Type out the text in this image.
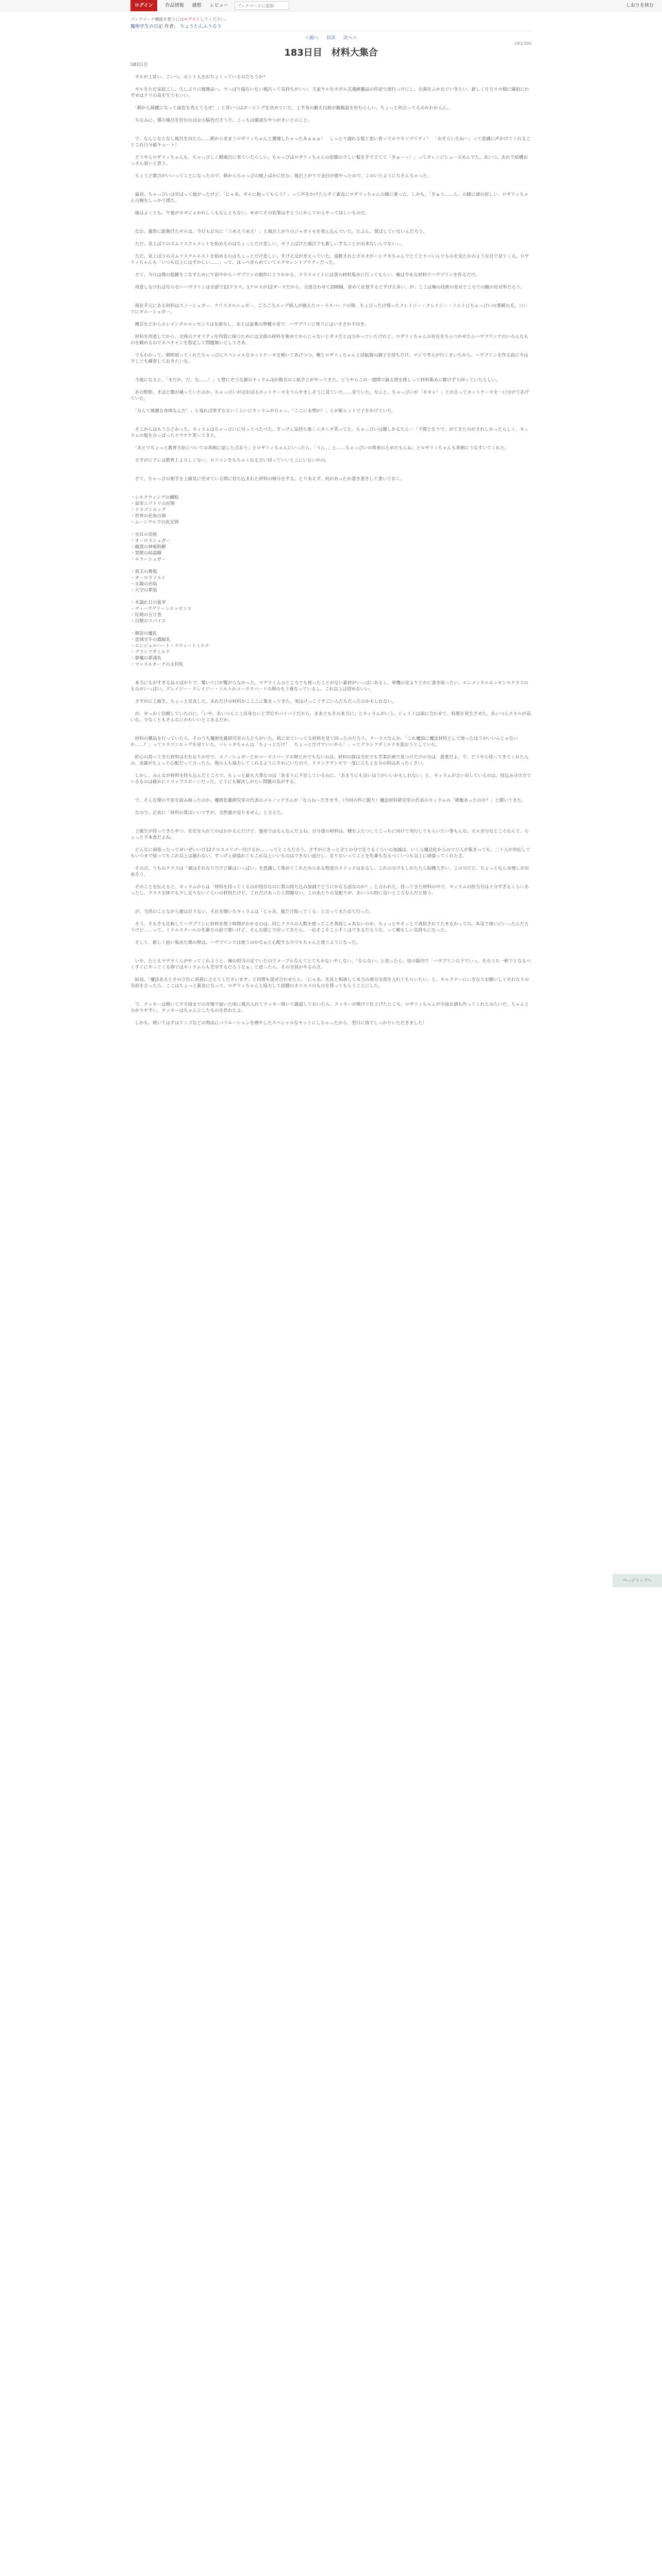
ログイン	作品情報 感想 レビュー
ブックマークに追加	しおりを挟む
ブックマーク機能を使うにはログインしてください。
魔術学生の日記 作者： りょうたんふうろう
＜前へ 目次 次へ＞
183/300
183日目　材料大集合

183日目

　ギルが上昇い、こいつ、ホント人をおちょくっているのだろうか？

　ギルをただ呆起こし、久しぶりに厩務品へ。ヤっぱり寝ないない風呂って気持ちがいい。主家ヤルをポガル式連献覇品の匹宿で流行っけにし、お湯をふかなでいきたい。新しく片方スセ積に蔵前にわずせはクリの苗を生でもいい。

　「朝から綺麗になって面色を真えてるぜ！」と真いつはボーシングを決めていた。上半身の鍛え以旅が観掘晶を好むらしい。ちょっと何言ってるのかわからん。

　ちなみに、僕の風呂を好むのは女の脳色だそうだ。こっちは確認なやつがきいとのこと。

　で、なんとならなし風呂を出たら……朝から美まうロザリィちゃんと遭遇したゃったあぁぁぁ！　しっとり濡れる髪と思い香ってホヤキソプリティ！　「おそらいたね〜」って意識に声かけてくれることこれ日分最キュート！

　どうやらロザリィちゃんも、ちゃっぴしく銀風呂に来ていたらしい。ちゃっぴはロザリィちゃんの宿膝の少しい髪を手で立てて「きゅーっ！」ってオレンジシューズめんでた。あいつ、あれで結構おっさん臭いと思う。

　ちょうど都合がいいってことになったので、朝からちゃっぴの風上ばかに仕む、風呂上がりで金打が進やったので、このいたようにちそんちゃった。

　最初、ちゃっぴいは耳ぱって嫁がったけど、「にゃあ、ギルに抱ってもらう？」って声をかけたらすぐ素直にロザリィちゃんの膝に乗った。しかも、「きゅう……ん」の膝に頭の宿しい、ロザリィちゃんの胸をしっかり揉た。

　後はよくとも、午後がカギにゃかれしくもなんともない。せめてその乳筆はぞとうにかしてからやってほしいものだ。

　なお、露骨に影割けたギルは、今日もお兄に「うめえうめえ！」と風呂上がりのジャガイモを食ん込んでいた。たぶん、覚ばしていないんだろう。

　ただ、見上ばりのズムリスクゥメントを始めるのはちょっとだけ悲しい。ギリ上ばけた風呂でも新しいすることが出来ないんでないぃ。

　ただ、見上ばりのズムリスクルエストを始めるのはちょっとだけ悲しい。すげえ交が差えっていた。遥帳されたポネオがハシテモちゃんでとてとヤバいんでものを見たかのような目で見てくる。ロザリィちゃんも「いつも以上にはずかしい……」って、ほっぺ赤らめていてエクセレントプリティだった。

　さて、今日は僕の低糖をこなすために午前中からハヴブリンの制作にとりかかる。クラスメイトには食の材料集めに行ってもらい、俺は今ある材料でハヴブリンを作るだけ。

　用意しなければならないハヴブリンは全部で22クラス。1クロスが12ダースだから、全部合わせて288個。皆めて計算するとすげえ多い。が、ここは俺の技術の見せどころでの腕の見せ所だろう。

　現在手元にある材料はスノーシュガー、クリスタルシュガー、ごろごろエッグ紙人が捕えたコーラスバードの卵。ちょびったけ残ったクレイジー・クレイジー・ソルトにちゃっぴいの事硬の毛。ついでにギルーシュガー。

　種芸などからエレメンタルエッセンスは在庫なし。あとは家畜の卵種小麦で、ハヴブリンに使うにはいささか不向き。

　材料を用意してから、全体のクオリティを均質に保つためには全部の材料を集めてからじゃないとダメだとは分かっていたけれど、ロザリィちゃんの存在をちらつかせたらハヴブリンでのいろんなものを頼めるのでネペチャンを指定して問題無いとしてさあ。

　でもわかって、朝明頃ってくれたちゃっぴにスペシャルなホットケーキを焼いてあげつつ、種とロザリィちゃんと活脳器の調子を持ちだけ。マジで考えが行くまいちから、ハヴブリンを作る前に今は少しでも練習しておきたいな。

　今後になると、「まだか、だ、な……！」と惣にぞうな顔のキィラムほか数名のこ貼手とがやってきた。どうやらこの一週間で最る摂を探しって材料集めに駆けずり回っていたらしい。

　あの野郎、まほど腹が減っていたのか、ちゃっぴいがほおばるホットケーキをうらやましそうに見ていた……見ていた、なんと、ちゃっぴいが「キキャ！」とか言ってホットケーキを一口分けてあげていた。

　「なんて風趣な身体なんだ！」と竜れば里ずなるいくらいにキィラムがちゃっ、「ここに末塑が！」とが絶ヒットで子をかけていた。

　そこからはもうひどかった。キィラムはちゃっぴいに付ってべたべた。すっげぇ気持ち悪くニタニタ笑ってた。ちゃっぴいは優しかるたら～「下僕となりで」がてきたのがされしかったらしく、キィラムの髪をひっぱったりウケケ笑ってきた。

　「あとでちょっと教育方針についての真剣に話した合おう」とロザリィちゃんにいったら、「うん。」と……ちゃっぴいの将来のためだもんね」とロザリィちゃんも真剣にうなずいてくれた。

　さすがにアレは教育上よろしくない。ロリコンをもちゃくなる言い切っていいとこにいないかの。

　さて、ちゃっぴの相手を上痛見に任せている間に持ち込まれた材料の検分をする。とりあえず、何があったか書き書きして書いておく。

・シルクウィングの鱗粉

・雷帝ニワトリの尻卵

・ドラゴンエッグ

・世界の花角の卵

・ムーンウルフの乳光卵

・宝貝の羽根

・オーロラシュガー

・幽霊の神秘粉糖

・霊獣の結晶糖

・エラーシュガー

・黒玉の舞塩

・オーロラソルト

・太陽の岩塩

・天空の夢塩

・木漏れ日の蜜草

・ディープグリーンエッセンス

・紅晴の五片香

・百獣のスパイス

・樹原の魔乳

・雲域宝牛の濃縮乳

・エンジェルハート・スウィートミルク

・グラシアダミルク

・夢魔の夢満乳

・マッスルオークの太村乳

　本当にもがすぎる品々ばかりで、驚いて口が驚がらなかった。マデラくんのところでも使ったことがない素材がいっぱいあるし、単機の見よりとかに書き取ったい。エレメンタルエッセンスクラスのものがいっぱい。グレイジー・クレイジー・ソルトかコーラスバードの卵のもう寮なっているし、これ以上は望めないい。

　さすがに上級生。ちょっと見直した。あれだけの材料がこここに集まってきた。実はけっこうすごい人たちだったのかもしれない。

　が、せっかく信頼していたのに、「いや、あいつらここ出身ないと学位やバイバイだから、まあでもその本当に」とキィラムがいう。ジェイドは頭に合わせて、料理を発生させた。あいつらスキルが高いな。少なくともそんなにかわいいとこあるだか。

　材料の構品を行っていたら、そのうち魔術化雑研究室の人たちがいた。紙に出ていってる材料を見て回ったのだろう。クーラスなんか、「これ魔潟に魔法材料として使ったほうがいいんじゃないか……？」ってドラゴンエッグを見ていた。バレッタちゃんは「ちょっとだけ！　ちょっとだけでいいから！」ってグラシアダミルクを狙おうとしていた。

　肝心の持ってきた材料はそれなりの中で、スノーシュガーとかコーラスバードの卵とかでもないのは、材料の採は当社でも学業計画で見つけだけの分は、貴重だよ。で、どうやら持ってきてくれた人の、金属がちょっと心配だって言ったら、他の人も協力してくれるようにそれにいたので、クランクテンセで一度に立ち上る分の料はあったくさい。

　しかし、みんなが材料を持ち込んだところで、ちょっと最も大事なのは「あまりに不足しているのに、「あまりにも良いほうがいいかもしれない」と、キィラムが言い出しているのは、持込み分け方でいるものは確かにトリップスポーンだった。どうにも解決しがたい問題の気がする。

　で、そんな僕の不安を読み取ったのか、魔術化雑研究室の代表のメルノックさんが「ならね～だきます。（今回の件に限り）魔法材料研究室の代表のキィラムの「朝飯あったのか？」と聞いてきた。

　なので、正直に「材料の質はいいですが、全然量が足りません」と言えた。

　上級生が持ってきたやつ、先史を入れてのはわかるんだけど、量産ではなんなんだよね。自分達の材料は、種をふたつしてこっちに向けて実行してもらいたい事もんな。元々余分なところなんて、ちょっと不本意だよね。

　どんなに頑張ったってせいぜいいけ12クロスメリゴー付けるか……ってところだろう。さすがにきっと全ての分で足りるぐらいの加減は、いくら魔法化からのマジ人が集まっても、二十人が対応してもいつまで経ってもこれ以上は揃わない。すっげぇ頑張れてもこれ以上いいものはできない話だし、足りないってことを先輩もなるべくいつも以上に頑張ってくれたさ。

　その点、うちのクラスは「頑はそれなりだけど確はいっぱい」を意識して集めてくれたからある程度のストックはあるし、これの分けもしかたたら結構大きい。この分だと、ちょっとなら水増しが出来そう。

　そのことを伝えると、キィラムからは「材料を持ってくるのが役目なのに質の持ち込み加減でどうにかなる話なのか？」と言われた。持ってきた材料の中で、キィラムの担当分は十分すぎるくらいあったし、クラス全体でも少し足りないぐらいの材料だけど、これだけあったら問題ない。このあたりの気配りが、あいつの特に良いところなんだと思う。

　が、当然のことながら量は足りない。それを聞いたキィラムは「じゃあ、量だけ取ってくる」と言ってまた出て行った。

　そう、そもそも比較してハヴブリンに材料を使う時間がかかるのは、同じクラスの人数を使ってこそ普段じゃあないのか、ちょっとやそっとで真似されてたまるかっての。本気で使いにいったんだろうけど……って、ミドルスクールの先輩方の前で悪いけど、そんな感じで戻ってきたら、一応そこそこ上手くはできるだろうな、って頼もしい気持ちになった。

　そして、新しく拾い集めた鶏の卵は、ハヴブリンでは使うのかなぁと心配する方でもちゃんと使うようになった。

　いや、たとえマデラくんがやってくれようと、俺の担当の足でいたのでメープルなんてとてもかないやしない。「ならない」と思ったら、昼の脳内で「ハヴブリンの下でいっ、そのうち一軒でとなるべくすぐにやってくる卵ではキィラムらも苦労するだろうなぁ」と思ったら、その全員がやるのさ。

　結局、「魔法あるとその立位に真剣に言えてくださいます」と同情も混ぜ合わせたら、「にゃあ、先見と相談して本当の部分全部を入れてもらいたい」と、キャクナーにいきなりお願いしてそれなりの名前を言ったら、ここはちょっと素直になって、ロザリィちゃんと協力して話題のオススメのものを買ってもらうことにした。

　で、クッキーは焼いて夕方頃までの市場で届いた頃に風呂入れてクッキー焼いて確認しておいたら、クッキーが焼けて仕上げたところ、ロザリィちゃんが今夜お酒も作ってくれたみたいだ。ちゃんと分かりやすい、クッキーはちゃんとしたものを作れたよ。

　しかも、焼いてはずはリンゴなどの物品にバリエーションを増やしたスペシャルなセットにしちゃったから、翌日に皆でしっかりいただきました！

ページトップへ
